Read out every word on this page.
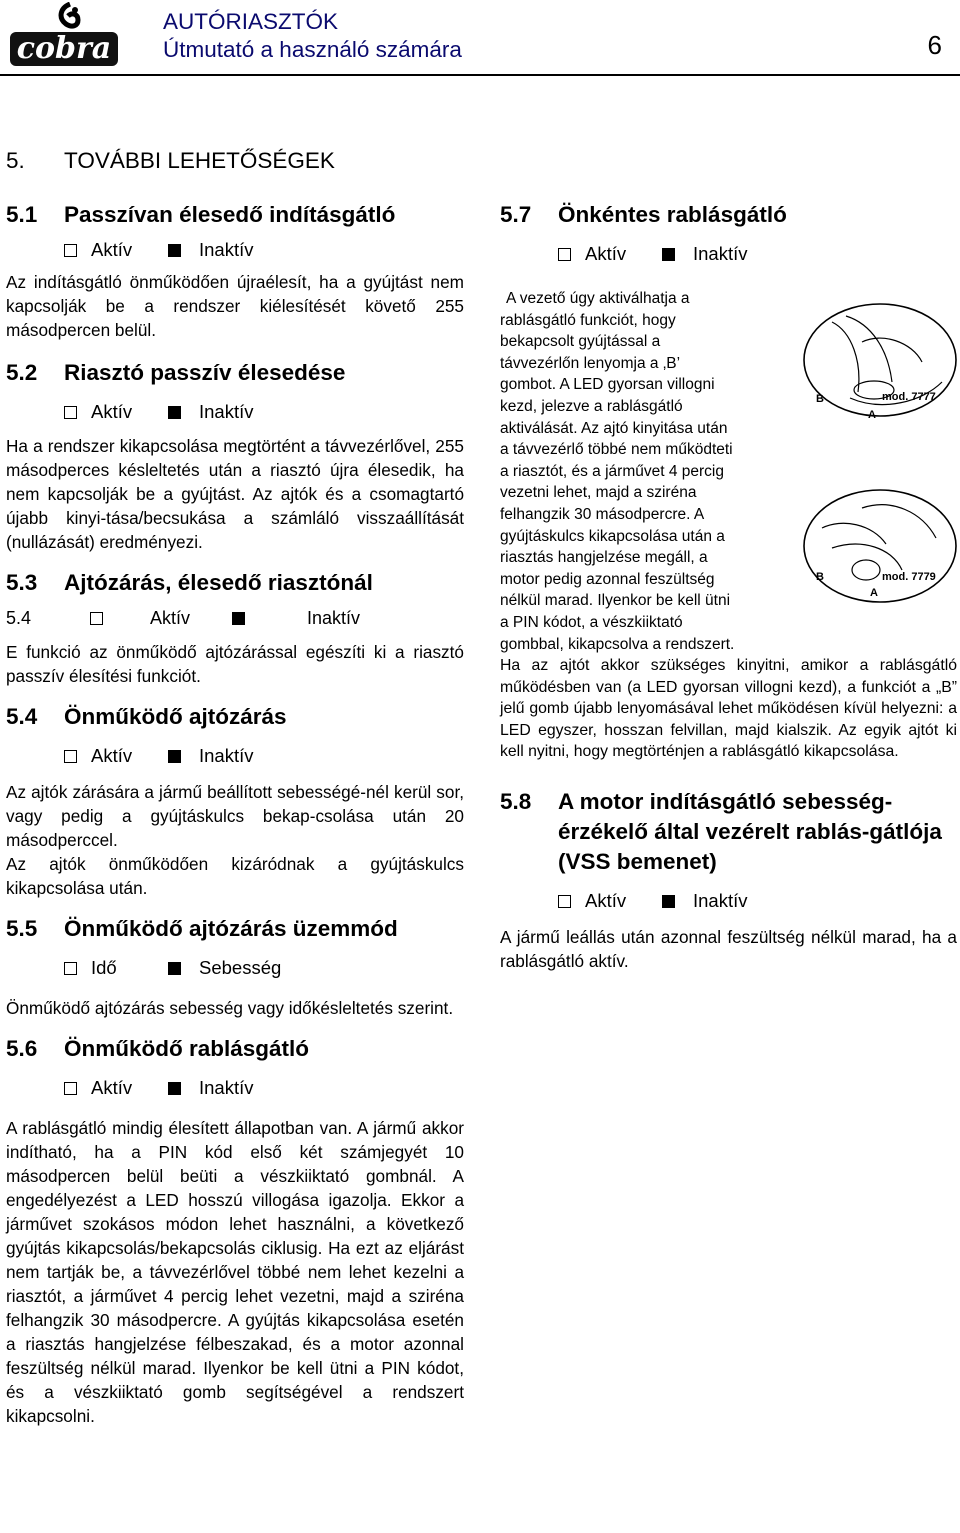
cobra
AUTÓRIASZTÓK
Útmutató a használó számára	6
5.	TOVÁBBI LEHETŐSÉGEK
5.1	Passzívan élesedő indításgátló
Aktív	Inaktív

Az indításgátló önműködően újraélesít, ha a gyújtást nem kapcsolják be a rendszer kiélesítését követő 255 másodpercen belül.

5.2	Riasztó passzív élesedése
Aktív	Inaktív

Ha a rendszer kikapcsolása megtörtént a távvezérlővel, 255 másodperces késleltetés után a riasztó újra élesedik, ha nem kapcsolják be a gyújtást. Az ajtók és a csomagtartó újabb kinyi-tása/becsukása a számláló visszaállítását (nullázását) eredményezi.

5.3	Ajtózárás, élesedő riasztónál
5.4	Aktív	Inaktív

E funkció az önműködő ajtózárással egészíti ki a riasztó passzív élesítési funkciót.

5.4	Önműködő ajtózárás
Aktív	Inaktív

Az ajtók zárására a jármű beállított sebességé-nél kerül sor, vagy pedig a gyújtáskulcs bekap-csolása után 20 másodperccel.

Az ajtók önműködően kizáródnak a gyújtáskulcs kikapcsolása után.

5.5	Önműködő ajtózárás üzemmód
Idő	Sebesség

Önműködő ajtózárás sebesség vagy időkésleltetés szerint.

5.6	Önműködő rablásgátló
Aktív	Inaktív

A rablásgátló mindig élesített állapotban van. A jármű akkor indítható, ha a PIN kód első két számjegyét 10 másodpercen belül beüti a vészkiiktató gombnál. A engedélyezést a LED hosszú villogása igazolja. Ekkor a járművet szokásos módon lehet használni, a következő gyújtás kikapcsolás/bekapcsolás ciklusig. Ha ezt az eljárást nem tartják be, a távvezérlővel többé nem lehet kezelni a riasztót, a járművet 4 percig lehet vezetni, majd a sziréna felhangzik 30 másodpercre. A gyújtás kikapcsolása esetén a riasztás hangjelzése félbeszakad, és a motor azonnal feszültség nélkül marad. Ilyenkor be kell ütni a PIN kódot, és a vészkiiktató gomb segítségével a rendszert kikapcsolni.

5.7	Önkéntes rablásgátló
Aktív	Inaktív
A vezető úgy aktiválhatja a
rablásgátló funkciót, hogy
bekapcsolt gyújtással a
távvezérlőn lenyomja a ‚B’
gombot. A LED gyorsan villogni
kezd, jelezve a rablásgátló
aktiválását. Az ajtó kinyitása után
a távvezérlő többé nem működteti
a riasztót, és a járművet 4 percig
vezetni lehet, majd a sziréna
felhangzik 30 másodpercre. A
gyújtáskulcs kikapcsolása után a
riasztás hangjelzése megáll, a
motor pedig azonnal feszültség
nélkül marad. Ilyenkor be kell ütni
a PIN kódot, a vészkiiktató
gombbal, kikapcsolva a rendszert.

Ha az ajtót akkor szükséges kinyitni, amikor a rablásgátló működésben van (a LED gyorsan villogni kezd), a funkciót a „B” jelű gomb újabb lenyomásával lehet működésen kívül helyezni: a LED egyszer, hosszan felvillan, majd kialszik. Az egyik ajtót ki kell nyitni, hogy megtörténjen a rablásgátló kikapcsolása.

5.8	A motor indításgátló sebesség-érzékelő által vezérelt rablás-gátlója (VSS bemenet)
Aktív	Inaktív

A jármű leállás után azonnal feszültség nélkül marad, ha a rablásgátló aktív.

B
A
mod. 7777
B
A
mod. 7779
